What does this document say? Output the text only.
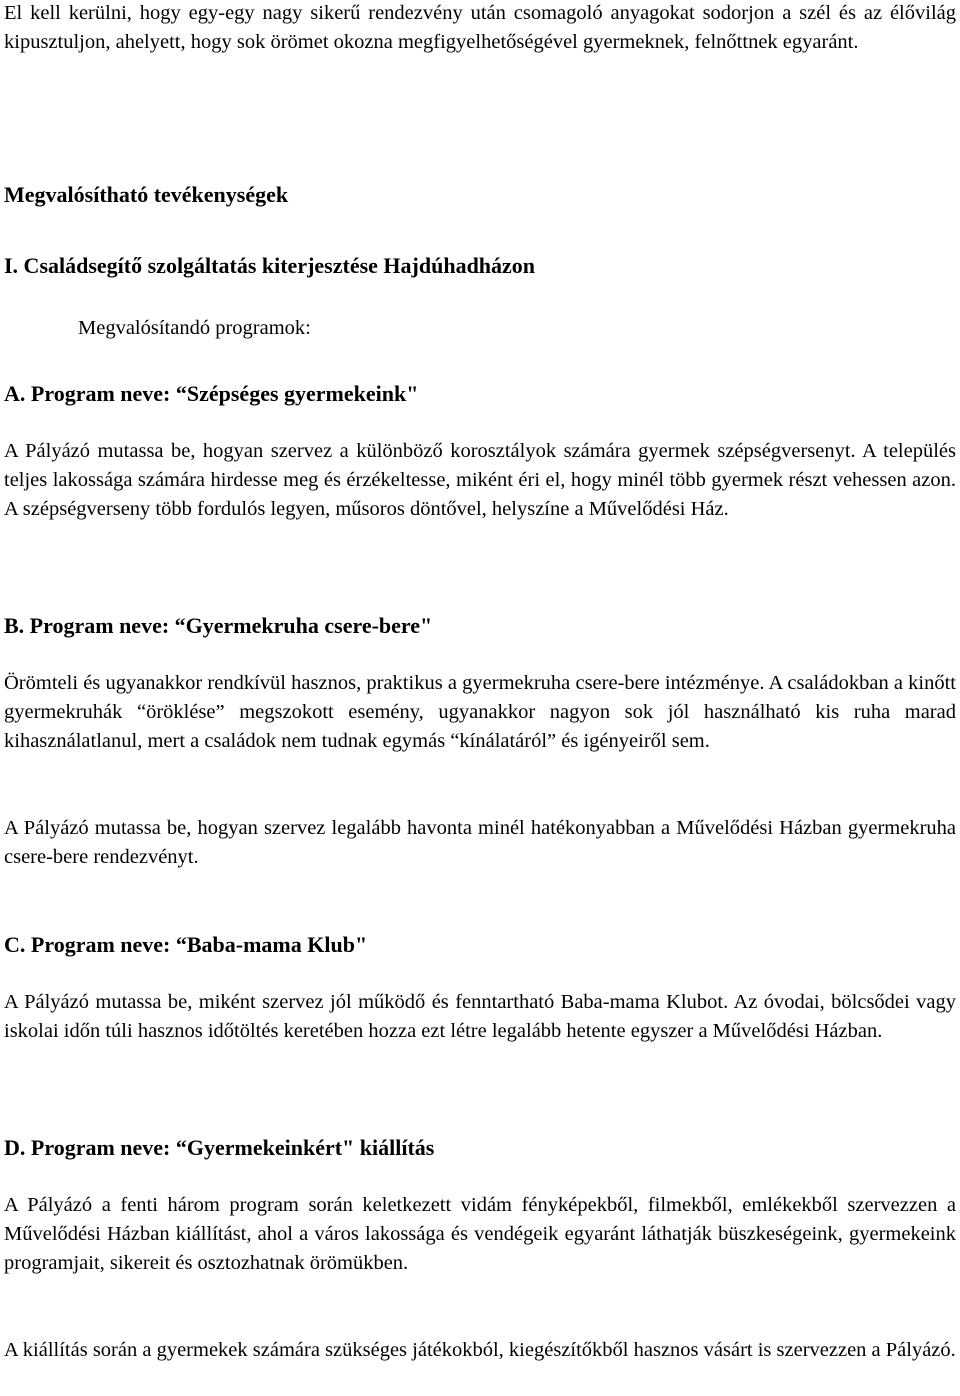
El kell kerülni, hogy egy-egy nagy sikerű rendezvény után csomagoló anyagokat sodorjon a szél és az élővilág kipusztuljon, ahelyett, hogy sok örömet okozna megfigyelhetőségével gyermeknek, felnőttnek egyaránt.

Megvalósítható tevékenységek

I. Családsegítő szolgáltatás kiterjesztése Hajdúhadházon

Megvalósítandó programok:

A. Program neve: “Szépséges gyermekeink"

A Pályázó mutassa be, hogyan szervez a különböző korosztályok számára gyermek szépségversenyt. A település teljes lakossága számára hirdesse meg és érzékeltesse, miként éri el, hogy minél több gyermek részt vehessen azon. A szépségverseny több fordulós legyen, műsoros döntővel, helyszíne a Művelődési Ház.

B. Program neve: “Gyermekruha csere-bere"

Örömteli és ugyanakkor rendkívül hasznos, praktikus a gyermekruha csere-bere intézménye. A családokban a kinőtt gyermekruhák “öröklése” megszokott esemény, ugyanakkor nagyon sok jól használható kis ruha marad kihasználatlanul, mert a családok nem tudnak egymás “kínálatáról” és igényeiről sem.

A Pályázó mutassa be, hogyan szervez legalább havonta minél hatékonyabban a Művelődési Házban gyermekruha csere-bere rendezvényt.

C. Program neve: “Baba-mama Klub"

A Pályázó mutassa be, miként szervez jól működő és fenntartható Baba-mama Klubot. Az óvodai, bölcsődei vagy iskolai időn túli hasznos időtöltés keretében hozza ezt létre legalább hetente egyszer a Művelődési Házban.

D. Program neve: “Gyermekeinkért" kiállítás

A Pályázó a fenti három program során keletkezett vidám fényképekből, filmekből, emlékekből szervezzen a Művelődési Házban kiállítást, ahol a város lakossága és vendégeik egyaránt láthatják büszkeségeink, gyermekeink programjait, sikereit és osztozhatnak örömükben.

A kiállítás során a gyermekek számára szükséges játékokból, kiegészítőkből hasznos vásárt is szervezzen a Pályázó.
